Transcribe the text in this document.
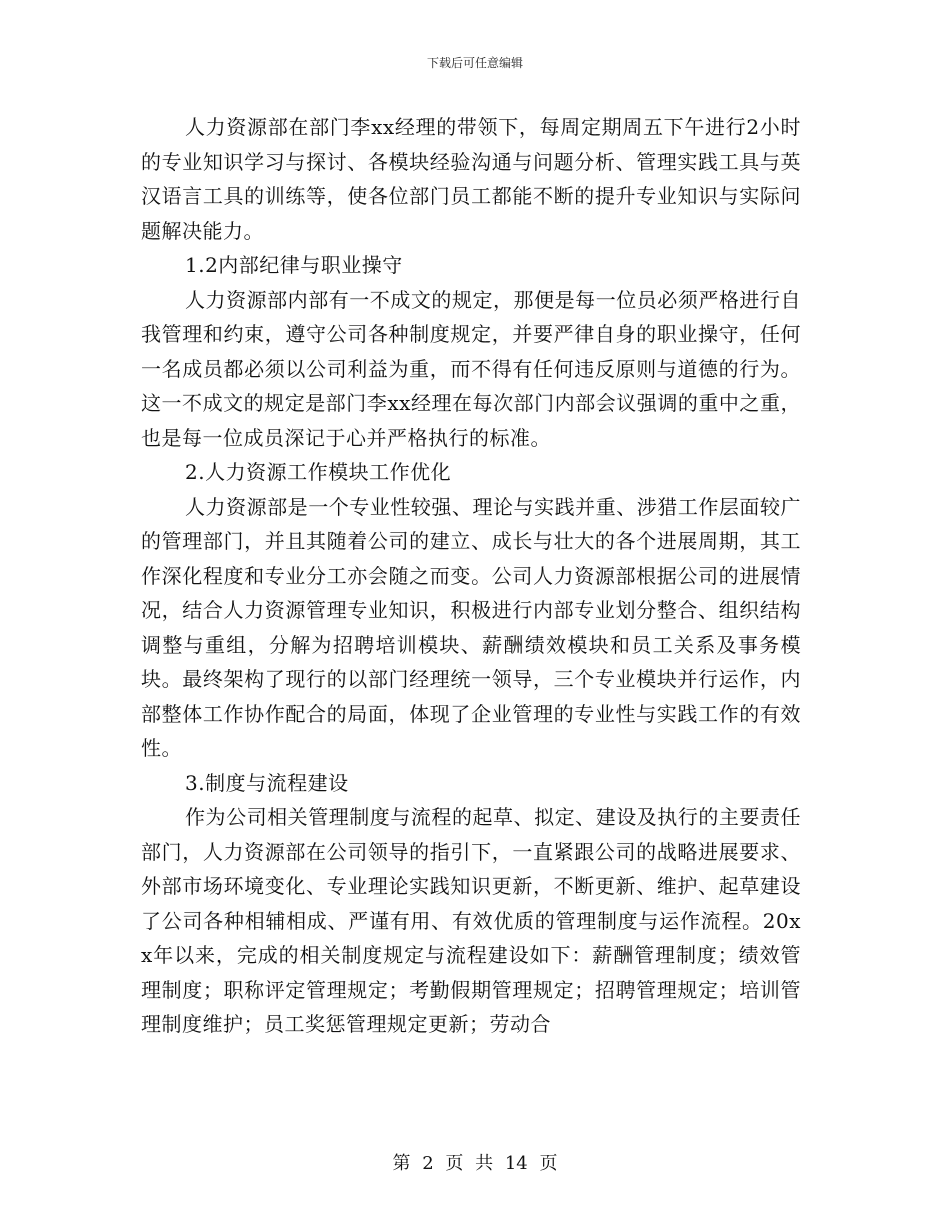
下载后可任意编辑

人力资源部在部门李xx经理的带领下，每周定期周五下午进行2小时的专业知识学习与探讨、各模块经验沟通与问题分析、管理实践工具与英汉语言工具的训练等，使各位部门员工都能不断的提升专业知识与实际问题解决能力。

1.2内部纪律与职业操守

人力资源部内部有一不成文的规定，那便是每一位员必须严格进行自我管理和约束，遵守公司各种制度规定，并要严律自身的职业操守，任何一名成员都必须以公司利益为重，而不得有任何违反原则与道德的行为。这一不成文的规定是部门李xx经理在每次部门内部会议强调的重中之重，也是每一位成员深记于心并严格执行的标准。

2.人力资源工作模块工作优化

人力资源部是一个专业性较强、理论与实践并重、涉猎工作层面较广的管理部门，并且其随着公司的建立、成长与壮大的各个进展周期，其工作深化程度和专业分工亦会随之而变。公司人力资源部根据公司的进展情况，结合人力资源管理专业知识，积极进行内部专业划分整合、组织结构调整与重组，分解为招聘培训模块、薪酬绩效模块和员工关系及事务模块。最终架构了现行的以部门经理统一领导，三个专业模块并行运作，内部整体工作协作配合的局面，体现了企业管理的专业性与实践工作的有效性。

3.制度与流程建设

作为公司相关管理制度与流程的起草、拟定、建设及执行的主要责任部门，人力资源部在公司领导的指引下，一直紧跟公司的战略进展要求、外部市场环境变化、专业理论实践知识更新，不断更新、维护、起草建设了公司各种相辅相成、严谨有用、有效优质的管理制度与运作流程。20xx年以来，完成的相关制度规定与流程建设如下：薪酬管理制度；绩效管理制度；职称评定管理规定；考勤假期管理规定；招聘管理规定；培训管理制度维护；员工奖惩管理规定更新；劳动合

第 2 页 共 14 页
